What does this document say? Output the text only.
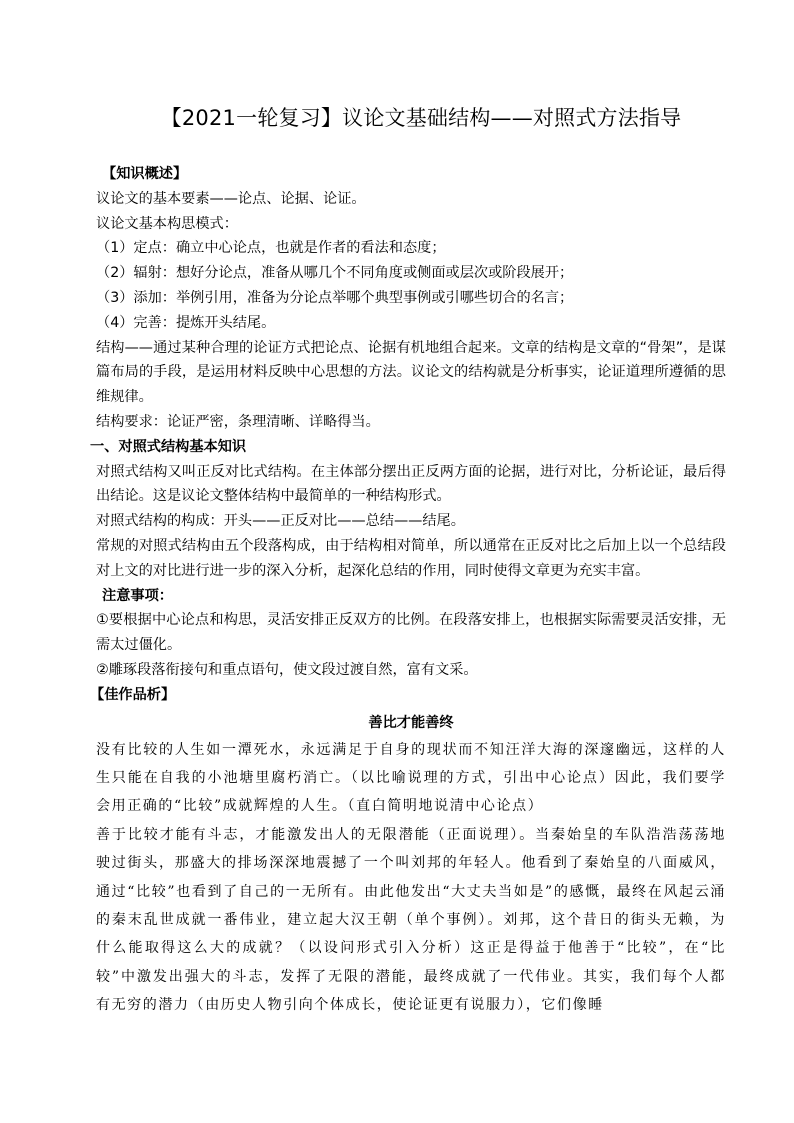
【2021一轮复习】议论文基础结构——对照式方法指导

【知识概述】

议论文的基本要素——论点、论据、论证。

议论文基本构思模式：

（1）定点：确立中心论点，也就是作者的看法和态度；

（2）辐射：想好分论点，准备从哪几个不同角度或侧面或层次或阶段展开；

（3）添加：举例引用，准备为分论点举哪个典型事例或引哪些切合的名言；

（4）完善：提炼开头结尾。

结构——通过某种合理的论证方式把论点、论据有机地组合起来。文章的结构是文章的“骨架”，是谋篇布局的手段，是运用材料反映中心思想的方法。议论文的结构就是分析事实，论证道理所遵循的思维规律。

结构要求：论证严密，条理清晰、详略得当。

一、对照式结构基本知识

对照式结构又叫正反对比式结构。在主体部分摆出正反两方面的论据，进行对比，分析论证，最后得出结论。这是议论文整体结构中最简单的一种结构形式。

对照式结构的构成：开头——正反对比——总结——结尾。

常规的对照式结构由五个段落构成，由于结构相对简单，所以通常在正反对比之后加上以一个总结段对上文的对比进行进一步的深入分析，起深化总结的作用，同时使得文章更为充实丰富。

注意事项：

①要根据中心论点和构思，灵活安排正反双方的比例。在段落安排上，也根据实际需要灵活安排，无需太过僵化。

②雕琢段落衔接句和重点语句，使文段过渡自然，富有文采。

【佳作品析】

善比才能善终

没有比较的人生如一潭死水，永远满足于自身的现状而不知汪洋大海的深邃幽远，这样的人生只能在自我的小池塘里腐朽消亡。（以比喻说理的方式，引出中心论点）因此，我们要学会用正确的“比较”成就辉煌的人生。（直白简明地说清中心论点）

善于比较才能有斗志，才能激发出人的无限潜能（正面说理）。当秦始皇的车队浩浩荡荡地驶过街头，那盛大的排场深深地震撼了一个叫刘邦的年轻人。他看到了秦始皇的八面威风，通过“比较”也看到了自己的一无所有。由此他发出“大丈夫当如是”的感慨，最终在风起云涌的秦末乱世成就一番伟业，建立起大汉王朝（单个事例）。刘邦，这个昔日的街头无赖，为什么能取得这么大的成就？（以设问形式引入分析）这正是得益于他善于“比较”，在“比较”中激发出强大的斗志，发挥了无限的潜能，最终成就了一代伟业。其实，我们每个人都有无穷的潜力（由历史人物引向个体成长，使论证更有说服力），它们像睡
